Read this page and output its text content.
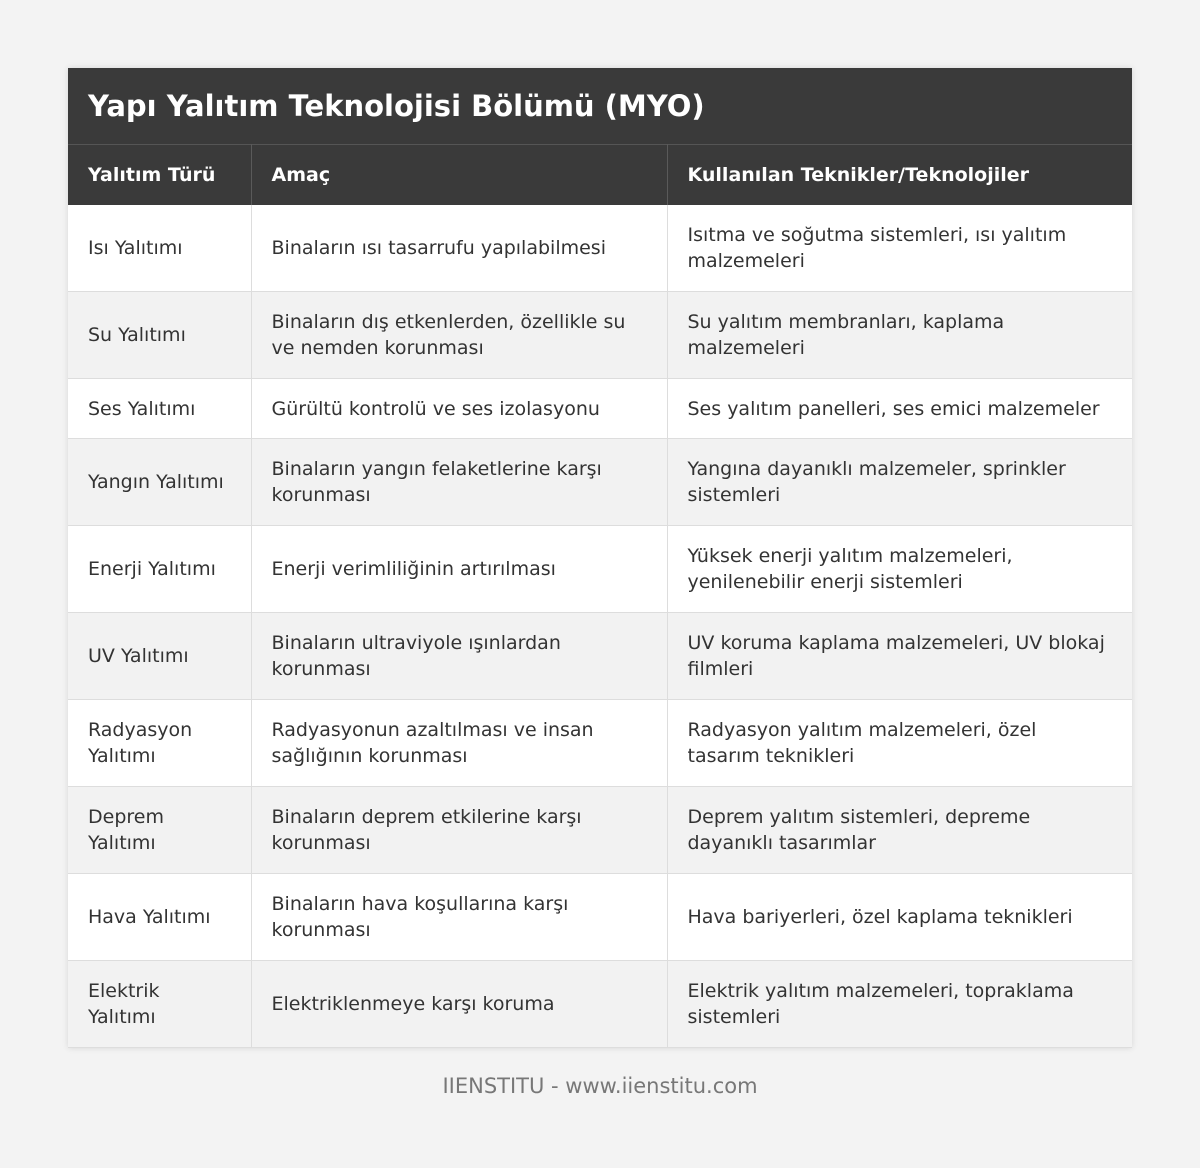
Yapı Yalıtım Teknolojisi Bölümü (MYO)
Yalıtım Türü	Amaç	Kullanılan Teknikler/Teknolojiler
Isı Yalıtımı	Binaların ısı tasarrufu yapılabilmesi	Isıtma ve soğutma sistemleri, ısı yalıtım malzemeleri
Su Yalıtımı	Binaların dış etkenlerden, özellikle su ve nemden korunması	Su yalıtım membranları, kaplama malzemeleri
Ses Yalıtımı	Gürültü kontrolü ve ses izolasyonu	Ses yalıtım panelleri, ses emici malzemeler
Yangın Yalıtımı	Binaların yangın felaketlerine karşı korunması	Yangına dayanıklı malzemeler, sprinkler sistemleri
Enerji Yalıtımı	Enerji verimliliğinin artırılması	Yüksek enerji yalıtım malzemeleri, yenilenebilir enerji sistemleri
UV Yalıtımı	Binaların ultraviyole ışınlardan korunması	UV koruma kaplama malzemeleri, UV blokaj filmleri
Radyasyon Yalıtımı	Radyasyonun azaltılması ve insan sağlığının korunması	Radyasyon yalıtım malzemeleri, özel tasarım teknikleri
Deprem Yalıtımı	Binaların deprem etkilerine karşı korunması	Deprem yalıtım sistemleri, depreme dayanıklı tasarımlar
Hava Yalıtımı	Binaların hava koşullarına karşı korunması	Hava bariyerleri, özel kaplama teknikleri
Elektrik Yalıtımı	Elektriklenmeye karşı koruma	Elektrik yalıtım malzemeleri, topraklama sistemleri
IIENSTITU - www.iienstitu.com
